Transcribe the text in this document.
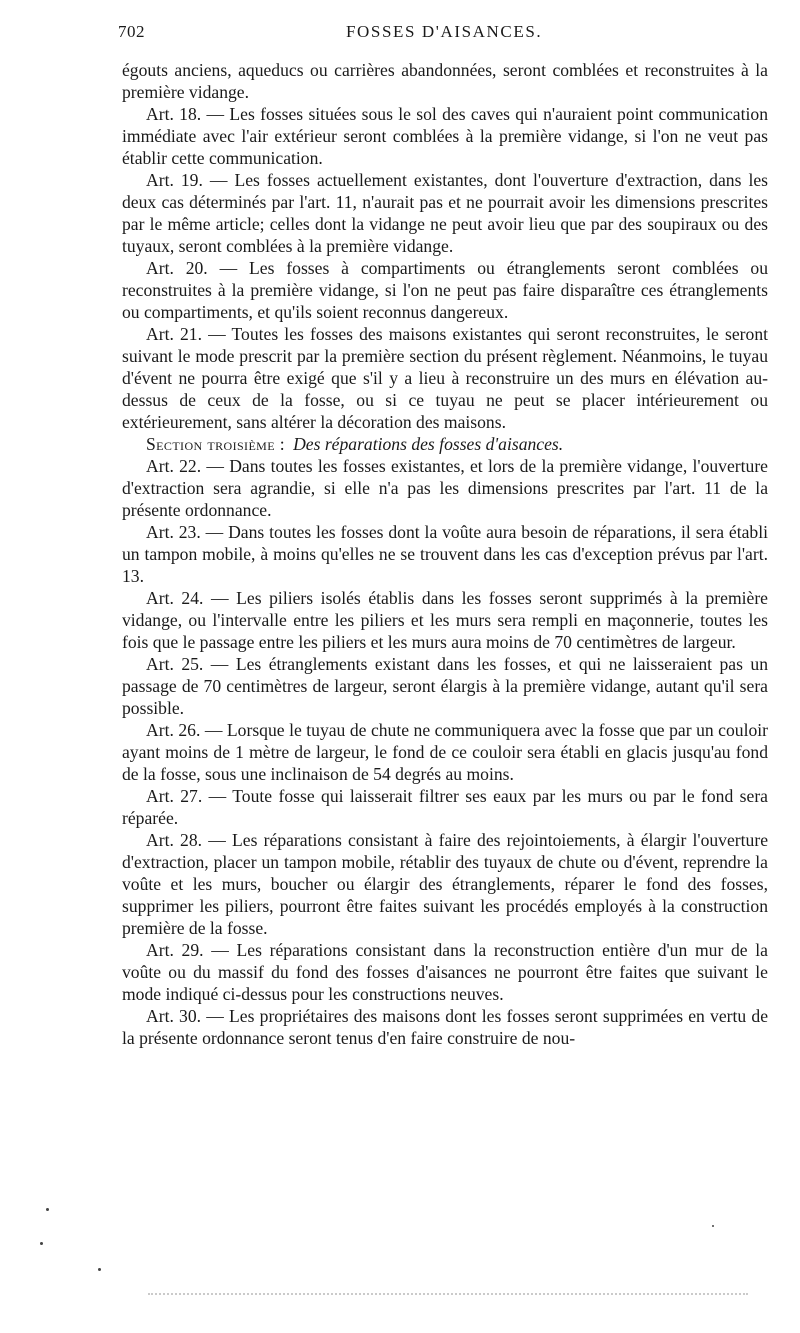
702	FOSSES D'AISANCES.

égouts anciens, aqueducs ou carrières abandonnées, seront comblées et reconstruites à la première vidange.

Art. 18. — Les fosses situées sous le sol des caves qui n'auraient point communication immédiate avec l'air extérieur seront comblées à la première vidange, si l'on ne veut pas établir cette communication.

Art. 19. — Les fosses actuellement existantes, dont l'ouverture d'extraction, dans les deux cas déterminés par l'art. 11, n'aurait pas et ne pourrait avoir les dimensions prescrites par le même article; celles dont la vidange ne peut avoir lieu que par des soupiraux ou des tuyaux, seront comblées à la première vidange.

Art. 20. — Les fosses à compartiments ou étranglements seront comblées ou reconstruites à la première vidange, si l'on ne peut pas faire disparaître ces étranglements ou compartiments, et qu'ils soient reconnus dangereux.

Art. 21. — Toutes les fosses des maisons existantes qui seront reconstruites, le seront suivant le mode prescrit par la première section du présent règlement. Néanmoins, le tuyau d'évent ne pourra être exigé que s'il y a lieu à reconstruire un des murs en élévation au-dessus de ceux de la fosse, ou si ce tuyau ne peut se placer intérieurement ou extérieurement, sans altérer la décoration des maisons.

Section troisième : Des réparations des fosses d'aisances.

Art. 22. — Dans toutes les fosses existantes, et lors de la première vidange, l'ouverture d'extraction sera agrandie, si elle n'a pas les dimensions prescrites par l'art. 11 de la présente ordonnance.

Art. 23. — Dans toutes les fosses dont la voûte aura besoin de réparations, il sera établi un tampon mobile, à moins qu'elles ne se trouvent dans les cas d'exception prévus par l'art. 13.

Art. 24. — Les piliers isolés établis dans les fosses seront supprimés à la première vidange, ou l'intervalle entre les piliers et les murs sera rempli en maçonnerie, toutes les fois que le passage entre les piliers et les murs aura moins de 70 centimètres de largeur.

Art. 25. — Les étranglements existant dans les fosses, et qui ne laisseraient pas un passage de 70 centimètres de largeur, seront élargis à la première vidange, autant qu'il sera possible.

Art. 26. — Lorsque le tuyau de chute ne communiquera avec la fosse que par un couloir ayant moins de 1 mètre de largeur, le fond de ce couloir sera établi en glacis jusqu'au fond de la fosse, sous une inclinaison de 54 degrés au moins.

Art. 27. — Toute fosse qui laisserait filtrer ses eaux par les murs ou par le fond sera réparée.

Art. 28. — Les réparations consistant à faire des rejointoiements, à élargir l'ouverture d'extraction, placer un tampon mobile, rétablir des tuyaux de chute ou d'évent, reprendre la voûte et les murs, boucher ou élargir des étranglements, réparer le fond des fosses, supprimer les piliers, pourront être faites suivant les procédés employés à la construction première de la fosse.

Art. 29. — Les réparations consistant dans la reconstruction entière d'un mur de la voûte ou du massif du fond des fosses d'aisances ne pourront être faites que suivant le mode indiqué ci-dessus pour les constructions neuves.

Art. 30. — Les propriétaires des maisons dont les fosses seront supprimées en vertu de la présente ordonnance seront tenus d'en faire construire de nou-
